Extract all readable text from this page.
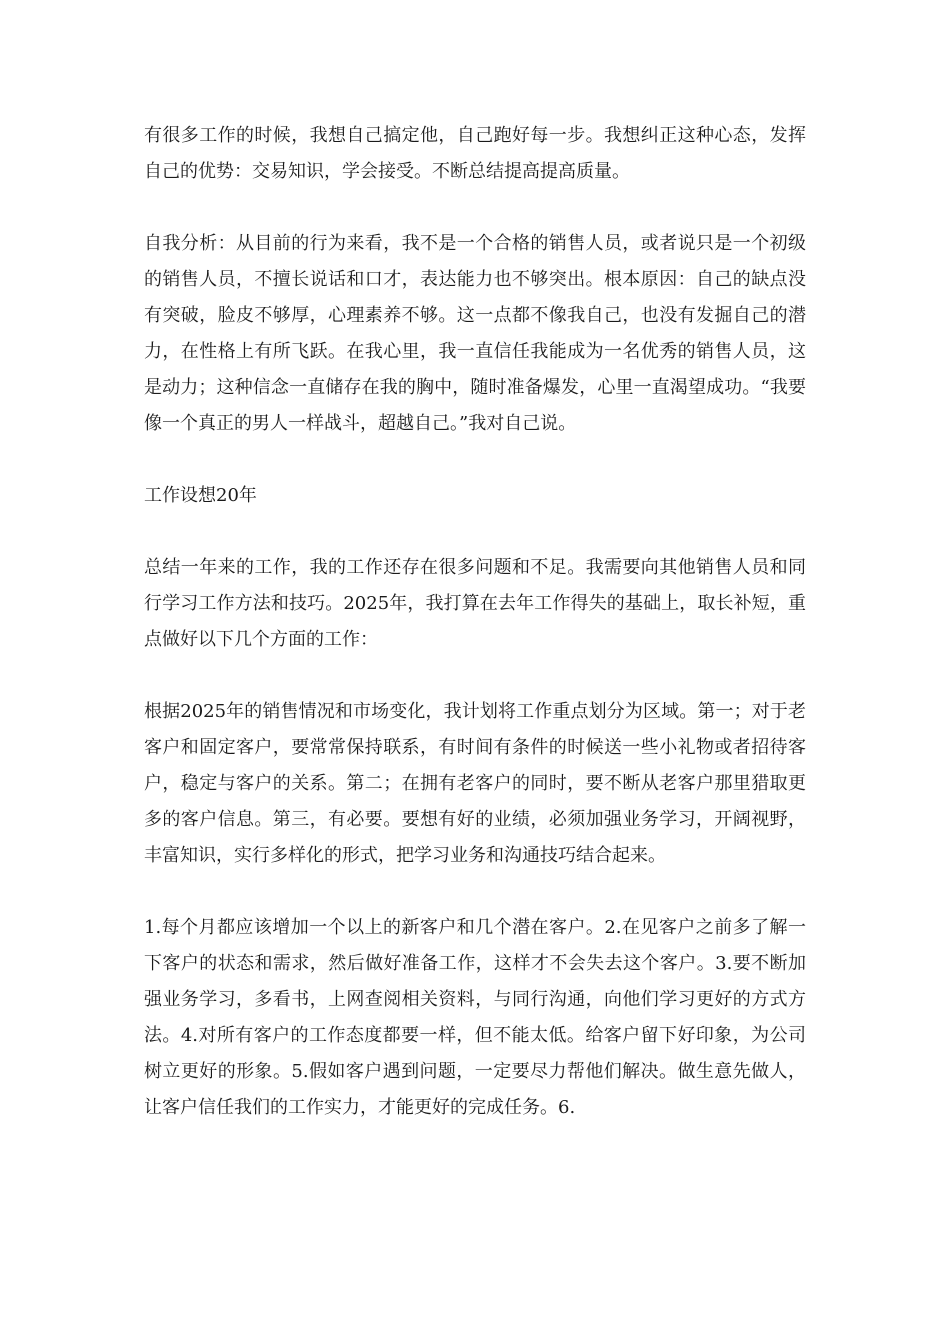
有很多工作的时候，我想自己搞定他，自己跑好每一步。我想纠正这种心态，发挥自己的优势：交易知识，学会接受。不断总结提高提高质量。

自我分析：从目前的行为来看，我不是一个合格的销售人员，或者说只是一个初级的销售人员，不擅长说话和口才，表达能力也不够突出。根本原因：自己的缺点没有突破，脸皮不够厚，心理素养不够。这一点都不像我自己，也没有发掘自己的潜力，在性格上有所飞跃。在我心里，我一直信任我能成为一名优秀的销售人员，这是动力；这种信念一直储存在我的胸中，随时准备爆发，心里一直渴望成功。“我要像一个真正的男人一样战斗，超越自己。”我对自己说。

工作设想20年

总结一年来的工作，我的工作还存在很多问题和不足。我需要向其他销售人员和同行学习工作方法和技巧。2025年，我打算在去年工作得失的基础上，取长补短，重点做好以下几个方面的工作：

根据2025年的销售情况和市场变化，我计划将工作重点划分为区域。第一；对于老客户和固定客户，要常常保持联系，有时间有条件的时候送一些小礼物或者招待客户，稳定与客户的关系。第二；在拥有老客户的同时，要不断从老客户那里猎取更多的客户信息。第三，有必要。要想有好的业绩，必须加强业务学习，开阔视野，丰富知识，实行多样化的形式，把学习业务和沟通技巧结合起来。

1.每个月都应该增加一个以上的新客户和几个潜在客户。2.在见客户之前多了解一下客户的状态和需求，然后做好准备工作，这样才不会失去这个客户。3.要不断加强业务学习，多看书，上网查阅相关资料，与同行沟通，向他们学习更好的方式方法。4.对所有客户的工作态度都要一样，但不能太低。给客户留下好印象，为公司树立更好的形象。5.假如客户遇到问题，一定要尽力帮他们解决。做生意先做人，让客户信任我们的工作实力，才能更好的完成任务。6.
